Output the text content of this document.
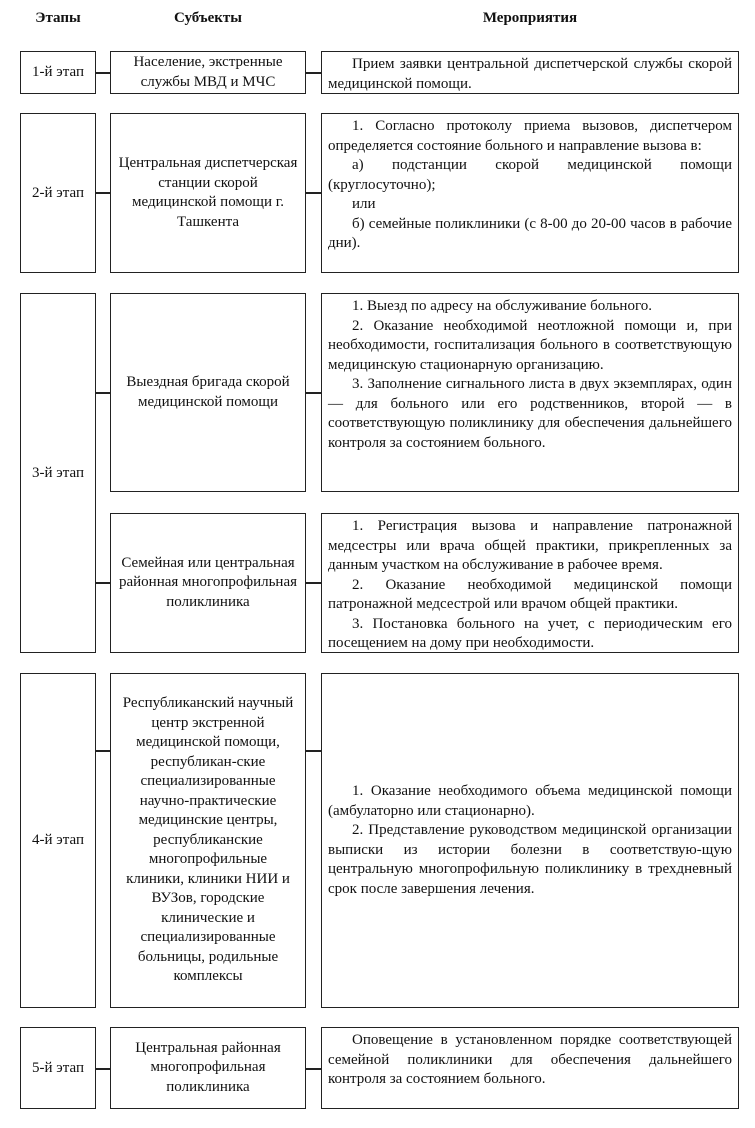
Этапы	Субъекты	Мероприятия
1-й этап
Население, экстренные службы МВД и МЧС

Прием заявки центральной диспетчерской службы скорой медицинской помощи.

2-й этап
Центральная диспетчерская станции скорой медицинской помощи г. Ташкента

1. Согласно протоколу приема вызовов, диспетчером определяется состояние больного и направление вызова в:

а) подстанции скорой медицинской помощи (круглосуточно);

или

б) семейные поликлиники (с 8-00 до 20-00 часов в рабочие дни).

3-й этап
Выездная бригада скорой медицинской помощи

1. Выезд по адресу на обслуживание больного.

2. Оказание необходимой неотложной помощи и, при необходимости, госпитализация больного в соответствующую медицинскую стационарную организацию.

3. Заполнение сигнального листа в двух экземплярах, один — для больного или его родственников, второй — в соответствующую поликлинику для обеспечения дальнейшего контроля за состоянием больного.

Семейная или центральная районная многопрофильная поликлиника

1. Регистрация вызова и направление патронажной медсестры или врача общей практики, прикрепленных за данным участком на обслуживание в рабочее время.

2. Оказание необходимой медицинской помощи патронажной медсестрой или врачом общей практики.

3. Постановка больного на учет, с периодическим его посещением на дому при необходимости.

4-й этап
Республиканский научный центр экстренной медицинской помощи, республикан-ские специализированные научно-практические медицинские центры, республиканские многопрофильные клиники, клиники НИИ и ВУЗов, городские клинические и специализированные больницы, родильные комплексы

1. Оказание необходимого объема медицинской помощи (амбулаторно или стационарно).

2. Представление руководством медицинской организации выписки из истории болезни в соответствую-щую центральную многопрофильную поликлинику в трехдневный срок после завершения лечения.

5-й этап
Центральная районная многопрофильная поликлиника

Оповещение в установленном порядке соответствующей семейной поликлиники для обеспечения дальнейшего контроля за состоянием больного.
